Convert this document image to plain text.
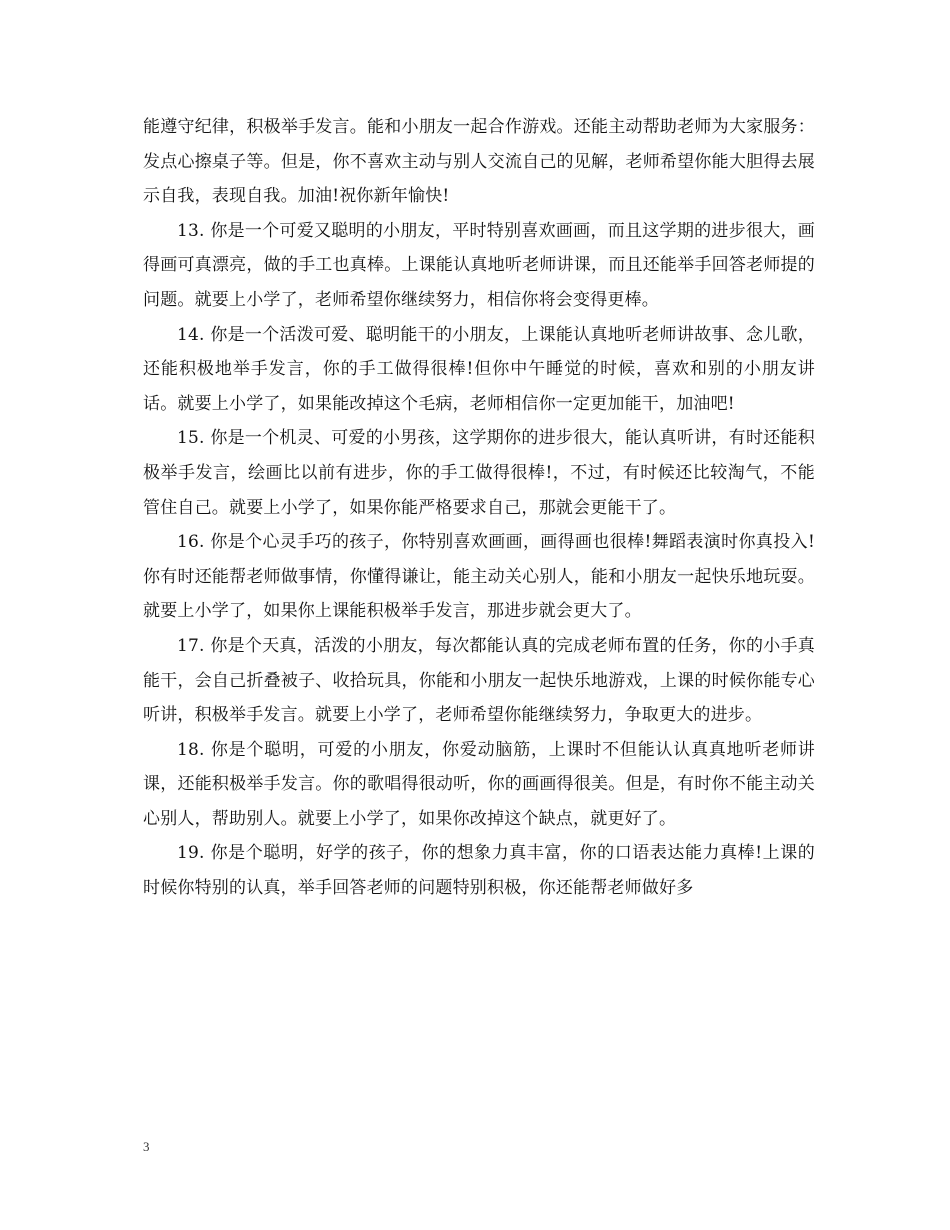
能遵守纪律，积极举手发言。能和小朋友一起合作游戏。还能主动帮助老师为大家服务：发点心擦桌子等。但是，你不喜欢主动与别人交流自己的见解，老师希望你能大胆得去展示自我，表现自我。加油!祝你新年愉快!

13. 你是一个可爱又聪明的小朋友，平时特别喜欢画画，而且这学期的进步很大，画得画可真漂亮，做的手工也真棒。上课能认真地听老师讲课，而且还能举手回答老师提的问题。就要上小学了，老师希望你继续努力，相信你将会变得更棒。

14. 你是一个活泼可爱、聪明能干的小朋友，上课能认真地听老师讲故事、念儿歌，还能积极地举手发言，你的手工做得很棒!但你中午睡觉的时候，喜欢和别的小朋友讲话。就要上小学了，如果能改掉这个毛病，老师相信你一定更加能干，加油吧!

15. 你是一个机灵、可爱的小男孩，这学期你的进步很大，能认真听讲，有时还能积极举手发言，绘画比以前有进步，你的手工做得很棒!，不过，有时候还比较淘气，不能管住自己。就要上小学了，如果你能严格要求自己，那就会更能干了。

16. 你是个心灵手巧的孩子，你特别喜欢画画，画得画也很棒!舞蹈表演时你真投入!你有时还能帮老师做事情，你懂得谦让，能主动关心别人，能和小朋友一起快乐地玩耍。就要上小学了，如果你上课能积极举手发言，那进步就会更大了。

17. 你是个天真，活泼的小朋友，每次都能认真的完成老师布置的任务，你的小手真能干，会自己折叠被子、收拾玩具，你能和小朋友一起快乐地游戏，上课的时候你能专心听讲，积极举手发言。就要上小学了，老师希望你能继续努力，争取更大的进步。

18. 你是个聪明，可爱的小朋友，你爱动脑筋，上课时不但能认认真真地听老师讲课，还能积极举手发言。你的歌唱得很动听，你的画画得很美。但是，有时你不能主动关心别人，帮助别人。就要上小学了，如果你改掉这个缺点，就更好了。

19. 你是个聪明，好学的孩子，你的想象力真丰富，你的口语表达能力真棒!上课的时候你特别的认真，举手回答老师的问题特别积极，你还能帮老师做好多

3
